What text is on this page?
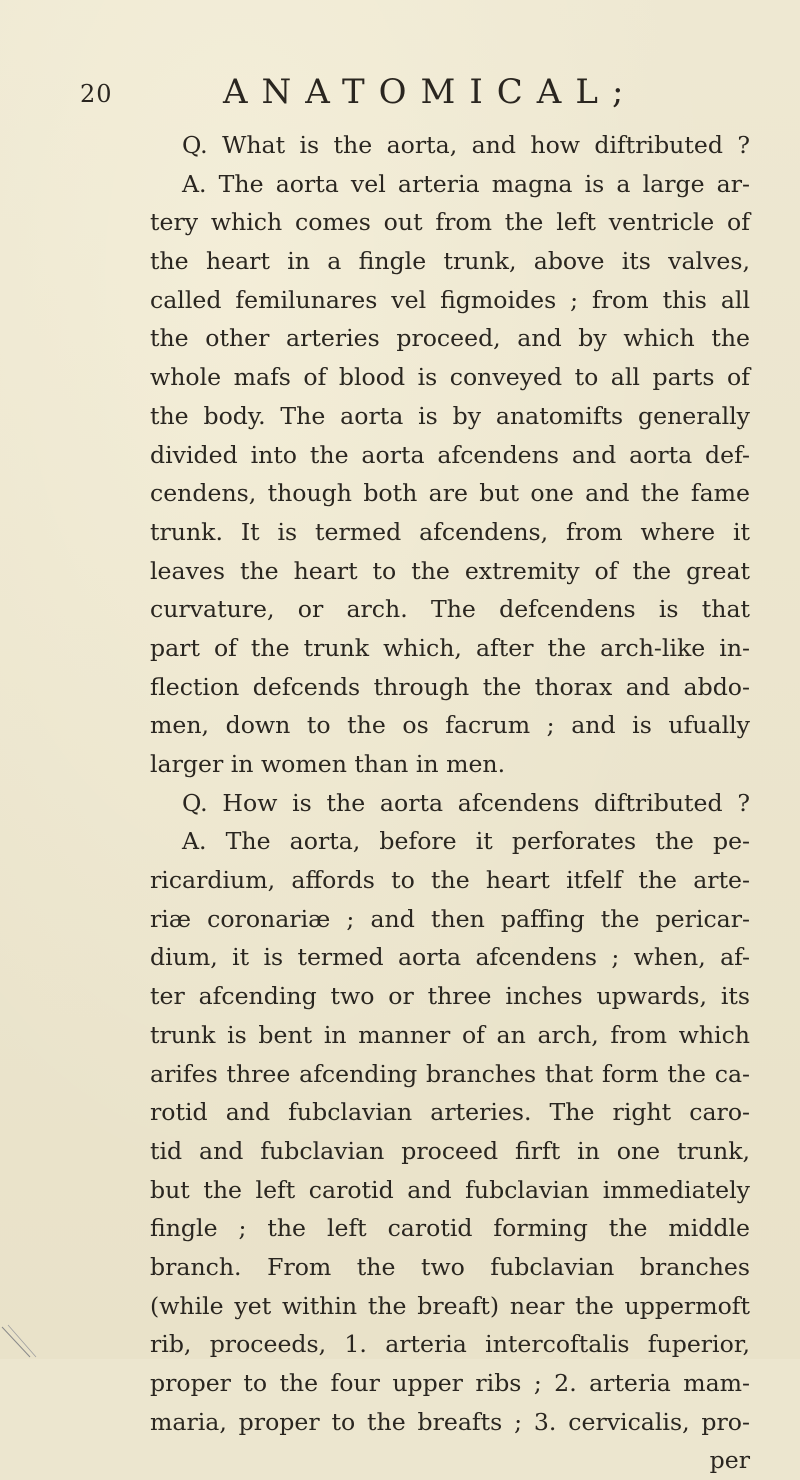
20	ANATOMICAL;
Q. What is the aorta, and how diftributed ?
A. The aorta vel arteria magna is a large ar-
tery which comes out from the left ventricle of
the heart in a fingle trunk, above its valves,
called femilunares vel figmoides ; from this all
the other arteries proceed, and by which the
whole mafs of blood is conveyed to all parts of
the body. The aorta is by anatomifts generally
divided into the aorta afcendens and aorta def-
cendens, though both are but one and the fame
trunk. It is termed afcendens, from where it
leaves the heart to the extremity of the great
curvature, or arch. The defcendens is that
part of the trunk which, after the arch-like in-
flection defcends through the thorax and abdo-
men, down to the os facrum ; and is ufually
larger in women than in men.
Q. How is the aorta afcendens diftributed ?
A. The aorta, before it perforates the pe-
ricardium, affords to the heart itfelf the arte-
riæ coronariæ ; and then paffing the pericar-
dium, it is termed aorta afcendens ; when, af-
ter afcending two or three inches upwards, its
trunk is bent in manner of an arch, from which
arifes three afcending branches that form the ca-
rotid and fubclavian arteries. The right caro-
tid and fubclavian proceed firft in one trunk,
but the left carotid and fubclavian immediately
fingle ; the left carotid forming the middle
branch. From the two fubclavian branches
(while yet within the breaft) near the uppermoft
rib, proceeds, 1. arteria intercoftalis fuperior,
proper to the four upper ribs ; 2. arteria mam-
maria, proper to the breafts ; 3. cervicalis, pro-
per
